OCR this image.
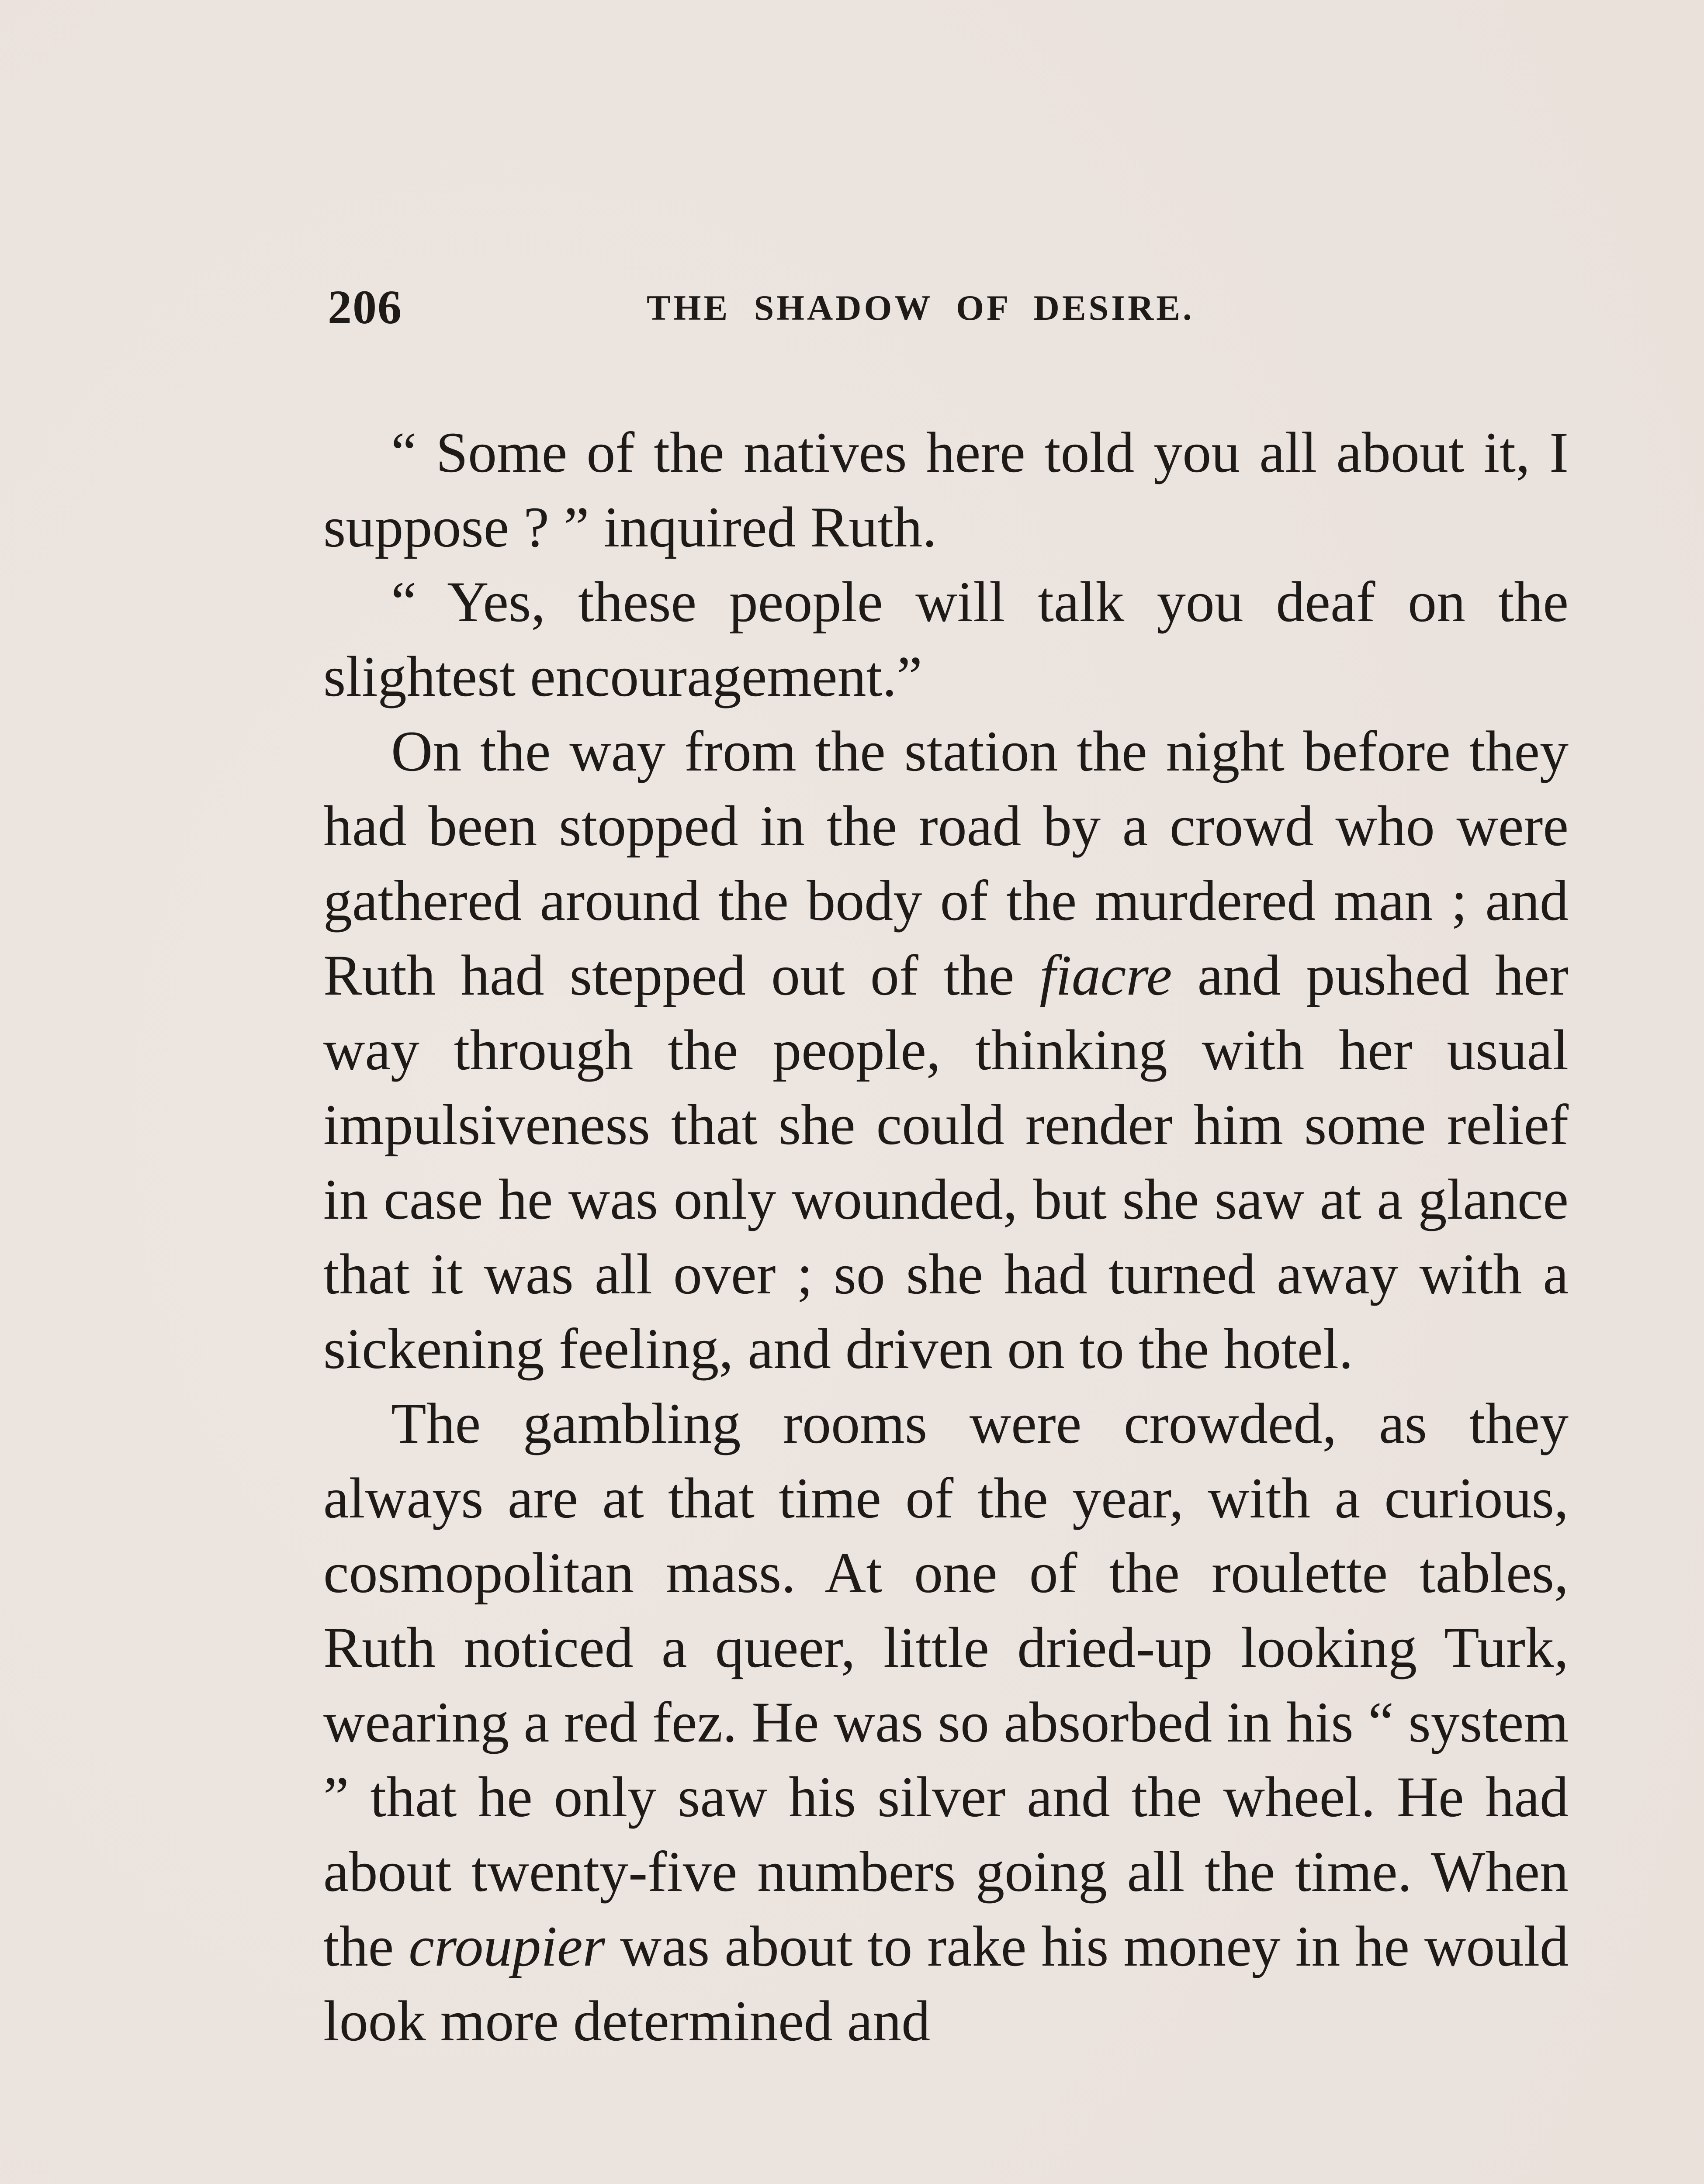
206	THE SHADOW OF DESIRE.

“ Some of the natives here told you all about it, I suppose ? ” inquired Ruth.

“ Yes, these people will talk you deaf on the slightest encouragement.”

On the way from the station the night before they had been stopped in the road by a crowd who were gathered around the body of the murdered man ; and Ruth had stepped out of the fiacre and pushed her way through the people, thinking with her usual impulsiveness that she could render him some relief in case he was only wounded, but she saw at a glance that it was all over ; so she had turned away with a sickening feeling, and driven on to the hotel.

The gambling rooms were crowded, as they always are at that time of the year, with a curious, cosmopolitan mass. At one of the roulette tables, Ruth noticed a queer, little dried-up looking Turk, wearing a red fez. He was so absorbed in his “ system ” that he only saw his silver and the wheel. He had about twenty-five numbers going all the time. When the croupier was about to rake his money in he would look more determined and
